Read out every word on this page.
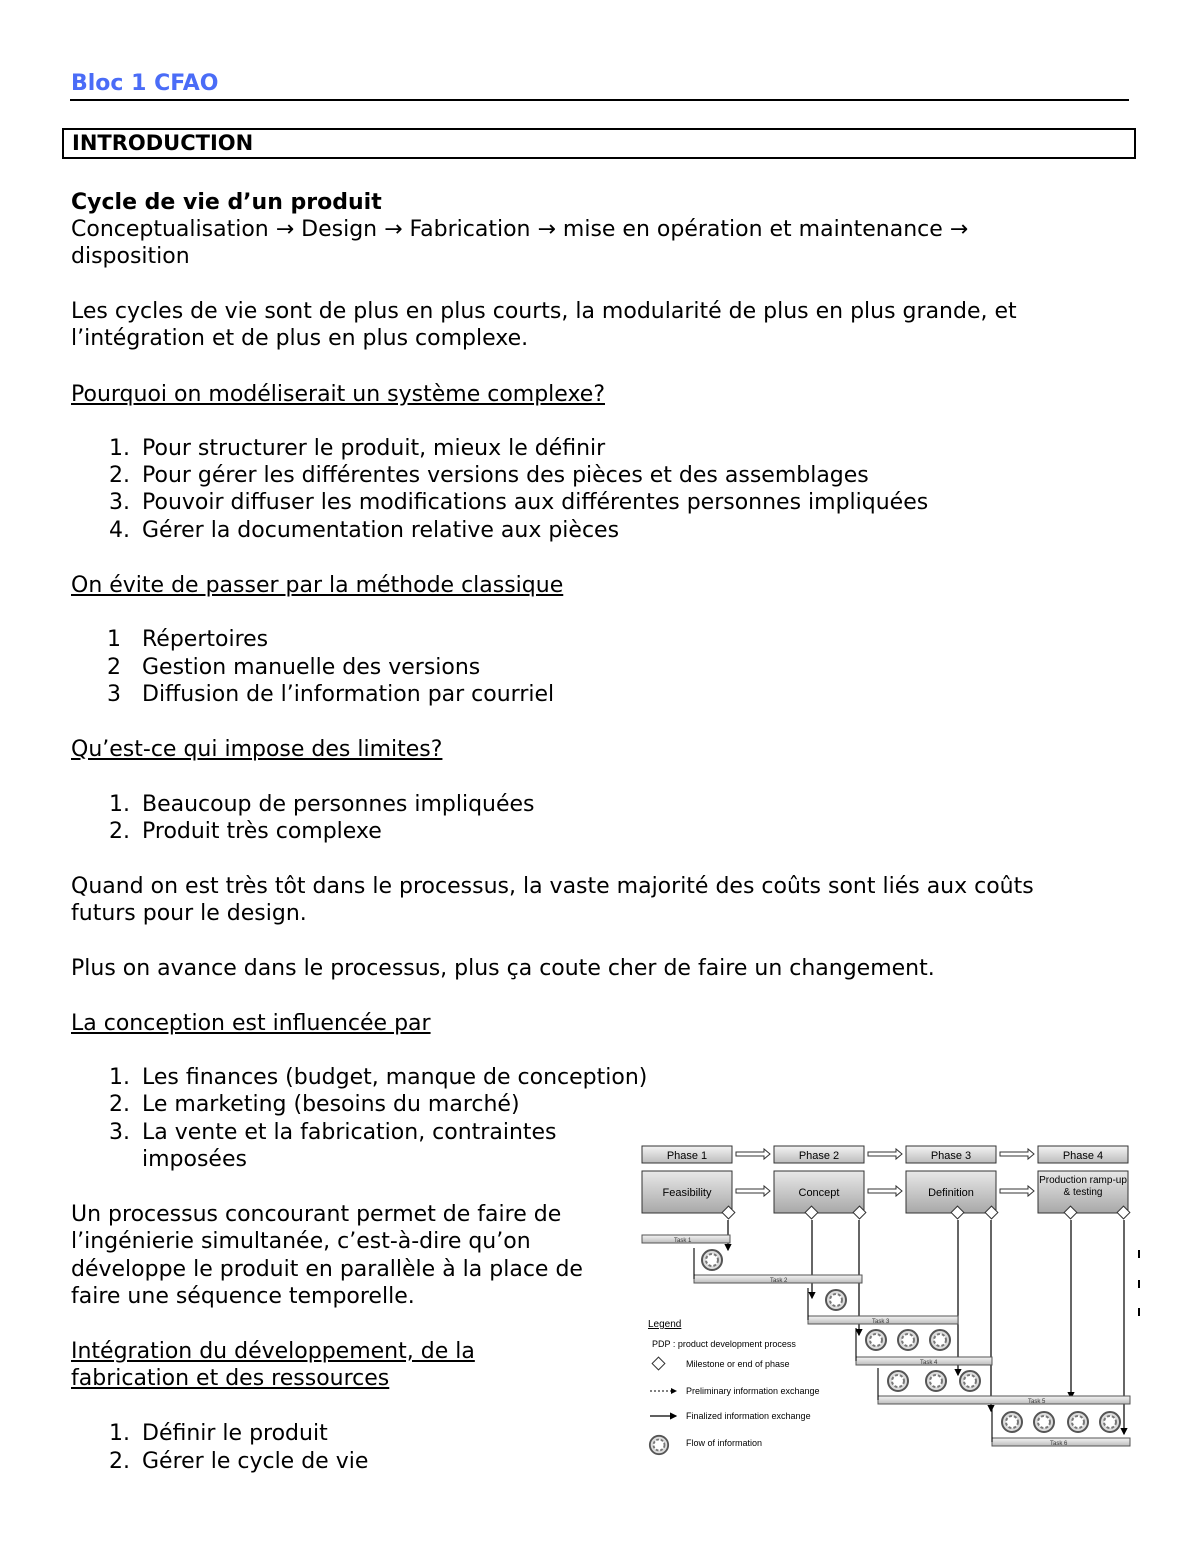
Bloc 1 CFAO
INTRODUCTION
Cycle de vie d’un produit
Conceptualisation → Design → Fabrication → mise en opération et maintenance →
disposition
Les cycles de vie sont de plus en plus courts, la modularité de plus en plus grande, et
l’intégration et de plus en plus complexe.
Pourquoi on modéliserait un système complexe?
1. Pour structurer le produit, mieux le définir
2. Pour gérer les différentes versions des pièces et des assemblages
3. Pouvoir diffuser les modifications aux différentes personnes impliquées
4. Gérer la documentation relative aux pièces
On évite de passer par la méthode classique
1 Répertoires
2 Gestion manuelle des versions
3 Diffusion de l’information par courriel
Qu’est-ce qui impose des limites?
1. Beaucoup de personnes impliquées
2. Produit très complexe
Quand on est très tôt dans le processus, la vaste majorité des coûts sont liés aux coûts
futurs pour le design.
Plus on avance dans le processus, plus ça coute cher de faire un changement.
La conception est influencée par
1. Les finances (budget, manque de conception)
2. Le marketing (besoins du marché)
3. La vente et la fabrication, contraintes
imposées
Un processus concourant permet de faire de
l’ingénierie simultanée, c’est-à-dire qu’on
développe le produit en parallèle à la place de
faire une séquence temporelle.
Intégration du développement, de la
fabrication et des ressources
1. Définir le produit
2. Gérer le cycle de vie
Phase 1	Phase 2	Phase 3	Phase 4
Feasibility	Concept	Definition
Production ramp-up & testing
Task 1
Task 2
Task 3
Task 4
Task 5
Task 6
Legend
PDP : product development process
Milestone or end of phase
Preliminary information exchange
Finalized information exchange
Flow of information
